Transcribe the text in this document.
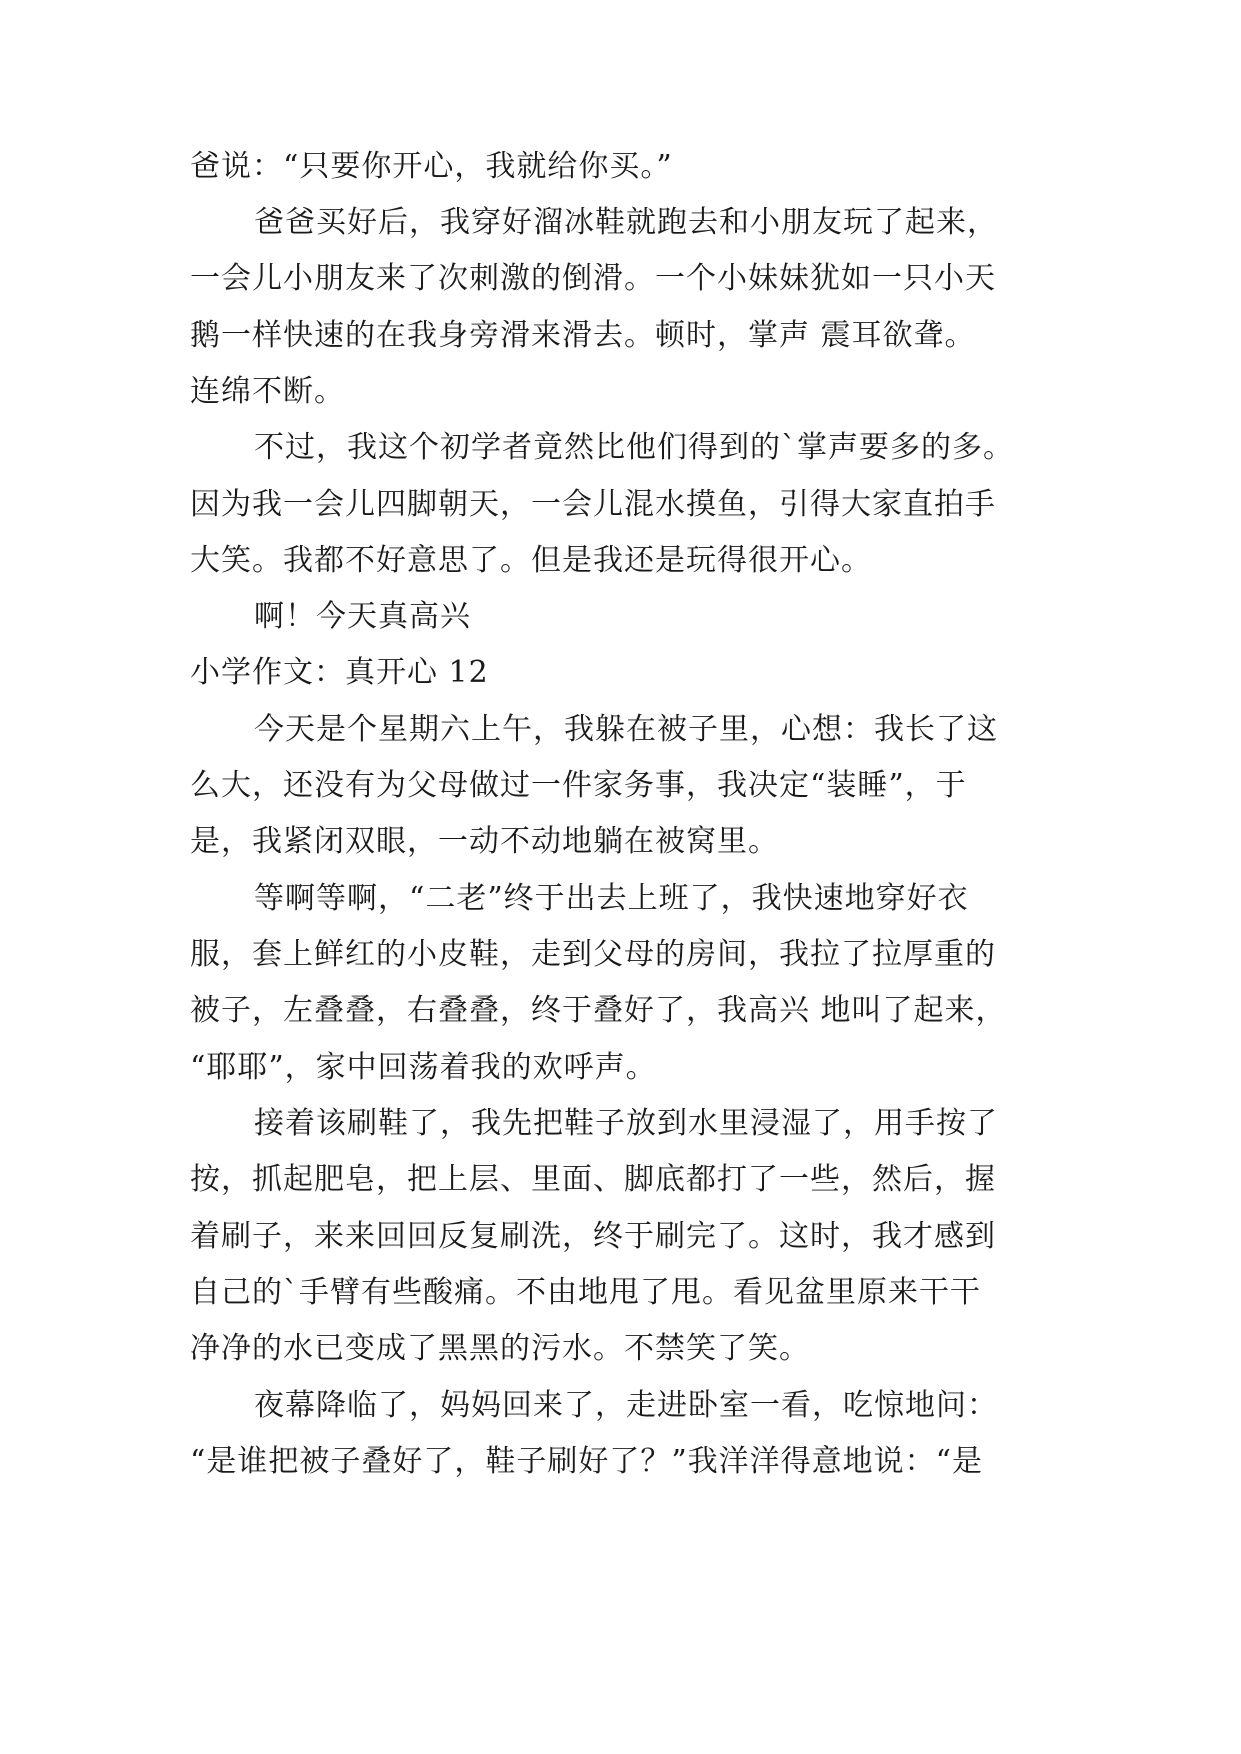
爸说：“只要你开心，我就给你买。”
爸爸买好后，我穿好溜冰鞋就跑去和小朋友玩了起来，
一会儿小朋友来了次刺激的倒滑。一个小妹妹犹如一只小天
鹅一样快速的在我身旁滑来滑去。顿时，掌声 震耳欲聋。
连绵不断。
不过，我这个初学者竟然比他们得到的`掌声要多的多。
因为我一会儿四脚朝天，一会儿混水摸鱼，引得大家直拍手
大笑。我都不好意思了。但是我还是玩得很开心。
啊！今天真高兴
小学作文：真开心 12
今天是个星期六上午，我躲在被子里，心想：我长了这
么大，还没有为父母做过一件家务事，我决定“装睡”，于
是，我紧闭双眼，一动不动地躺在被窝里。
等啊等啊，“二老”终于出去上班了，我快速地穿好衣
服，套上鲜红的小皮鞋，走到父母的房间，我拉了拉厚重的
被子，左叠叠，右叠叠，终于叠好了，我高兴 地叫了起来，
“耶耶”，家中回荡着我的欢呼声。
接着该刷鞋了，我先把鞋子放到水里浸湿了，用手按了
按，抓起肥皂，把上层、里面、脚底都打了一些，然后，握
着刷子，来来回回反复刷洗，终于刷完了。这时，我才感到
自己的`手臂有些酸痛。不由地甩了甩。看见盆里原来干干
净净的水已变成了黑黑的污水。不禁笑了笑。
夜幕降临了，妈妈回来了，走进卧室一看，吃惊地问：
“是谁把被子叠好了，鞋子刷好了？”我洋洋得意地说：“是
